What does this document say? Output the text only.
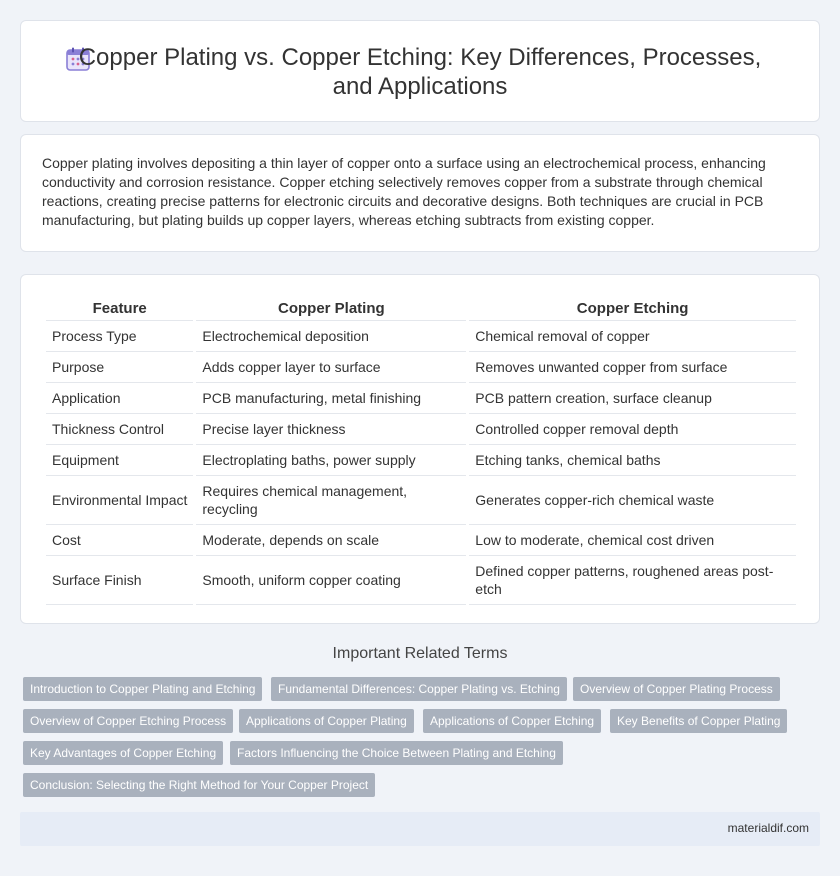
Copper Plating vs. Copper Etching: Key Differences, Processes, and Applications

Copper plating involves depositing a thin layer of copper onto a surface using an electrochemical process, enhancing conductivity and corrosion resistance. Copper etching selectively removes copper from a substrate through chemical reactions, creating precise patterns for electronic circuits and decorative designs. Both techniques are crucial in PCB manufacturing, but plating builds up copper layers, whereas etching subtracts from existing copper.

Feature	Copper Plating	Copper Etching
Process Type	Electrochemical deposition	Chemical removal of copper
Purpose	Adds copper layer to surface	Removes unwanted copper from surface
Application	PCB manufacturing, metal finishing	PCB pattern creation, surface cleanup
Thickness Control	Precise layer thickness	Controlled copper removal depth
Equipment	Electroplating baths, power supply	Etching tanks, chemical baths
Environmental Impact	Requires chemical management, recycling	Generates copper-rich chemical waste
Cost	Moderate, depends on scale	Low to moderate, chemical cost driven
Surface Finish	Smooth, uniform copper coating	Defined copper patterns, roughened areas post-etch
Important Related Terms
Introduction to Copper Plating and Etching	Fundamental Differences: Copper Plating vs. Etching	Overview of Copper Plating Process
Overview of Copper Etching Process	Applications of Copper Plating	Applications of Copper Etching	Key Benefits of Copper Plating
Key Advantages of Copper Etching	Factors Influencing the Choice Between Plating and Etching
Conclusion: Selecting the Right Method for Your Copper Project
materialdif.com
